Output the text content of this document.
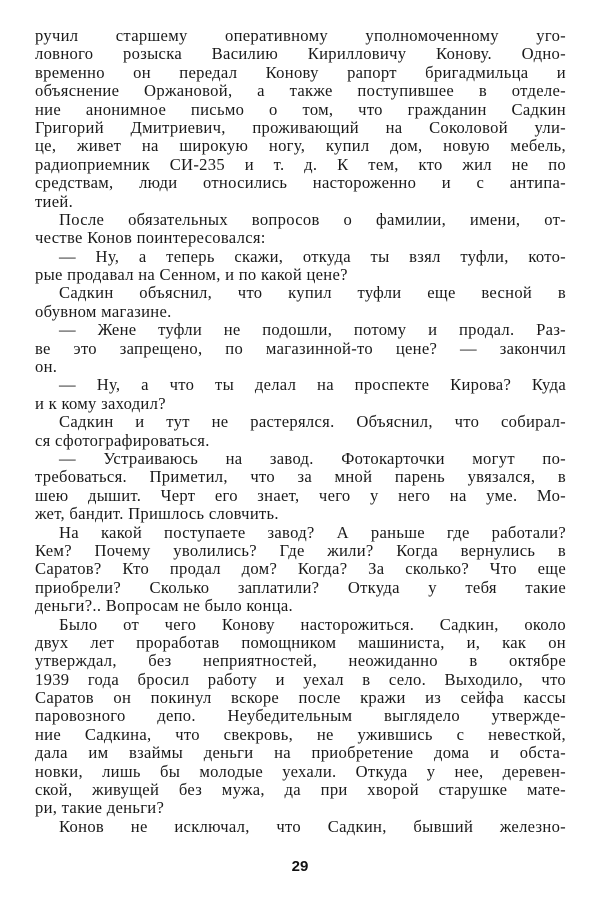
ручил старшему оперативному уполномоченному уго-
ловного розыска Василию Кирилловичу Конову. Одно-
временно он передал Конову рапорт бригадмильца и
объяснение Оржановой, а также поступившее в отделе-
ние анонимное письмо о том, что гражданин Садкин
Григорий Дмитриевич, проживающий на Соколовой ули-
це, живет на широкую ногу, купил дом, новую мебель,
радиоприемник СИ-235 и т. д. К тем, кто жил не по
средствам, люди относились настороженно и с антипа-
тией.
После обязательных вопросов о фамилии, имени, от-
честве Конов поинтересовался:
— Ну, а теперь скажи, откуда ты взял туфли, кото-
рые продавал на Сенном, и по какой цене?
Садкин объяснил, что купил туфли еще весной в
обувном магазине.
— Жене туфли не подошли, потому и продал. Раз-
ве это запрещено, по магазинной-то цене? — закончил
он.
— Ну, а что ты делал на проспекте Кирова? Куда
и к кому заходил?
Садкин и тут не растерялся. Объяснил, что собирал-
ся сфотографироваться.
— Устраиваюсь на завод. Фотокарточки могут по-
требоваться. Приметил, что за мной парень увязался, в
шею дышит. Черт его знает, чего у него на уме. Мо-
жет, бандит. Пришлось словчить.
На какой поступаете завод? А раньше где работали?
Кем? Почему уволились? Где жили? Когда вернулись в
Саратов? Кто продал дом? Когда? За сколько? Что еще
приобрели? Сколько заплатили? Откуда у тебя такие
деньги?.. Вопросам не было конца.
Было от чего Конову насторожиться. Садкин, около
двух лет проработав помощником машиниста, и, как он
утверждал, без неприятностей, неожиданно в октябре
1939 года бросил работу и уехал в село. Выходило, что
Саратов он покинул вскоре после кражи из сейфа кассы
паровозного депо. Неубедительным выглядело утвержде-
ние Садкина, что свекровь, не ужившись с невесткой,
дала им взаймы деньги на приобретение дома и обста-
новки, лишь бы молодые уехали. Откуда у нее, деревен-
ской, живущей без мужа, да при хворой старушке мате-
ри, такие деньги?
Конов не исключал, что Садкин, бывший железно-
29
